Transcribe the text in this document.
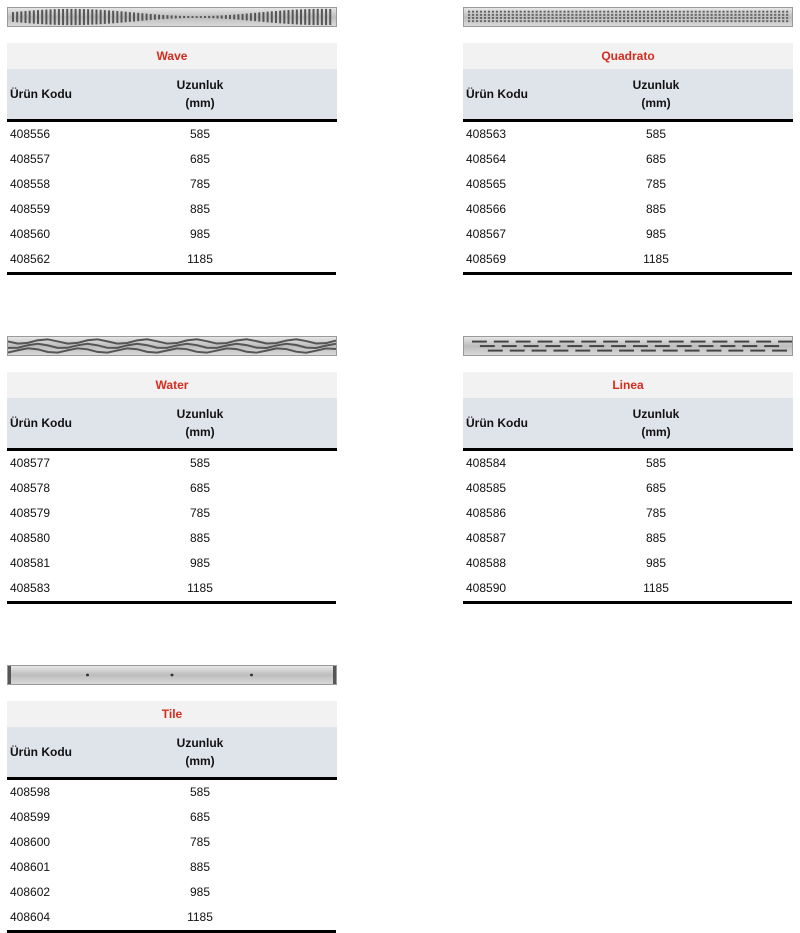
Wave
Ürün Kodu
Uzunluk
(mm)
408556	585
408557	685
408558	785
408559	885
408560	985
408562	1185
Quadrato
Ürün Kodu
Uzunluk
(mm)
408563	585
408564	685
408565	785
408566	885
408567	985
408569	1185
Water
Ürün Kodu
Uzunluk
(mm)
408577	585
408578	685
408579	785
408580	885
408581	985
408583	1185
Linea
Ürün Kodu
Uzunluk
(mm)
408584	585
408585	685
408586	785
408587	885
408588	985
408590	1185
Tile
Ürün Kodu
Uzunluk
(mm)
408598	585
408599	685
408600	785
408601	885
408602	985
408604	1185
